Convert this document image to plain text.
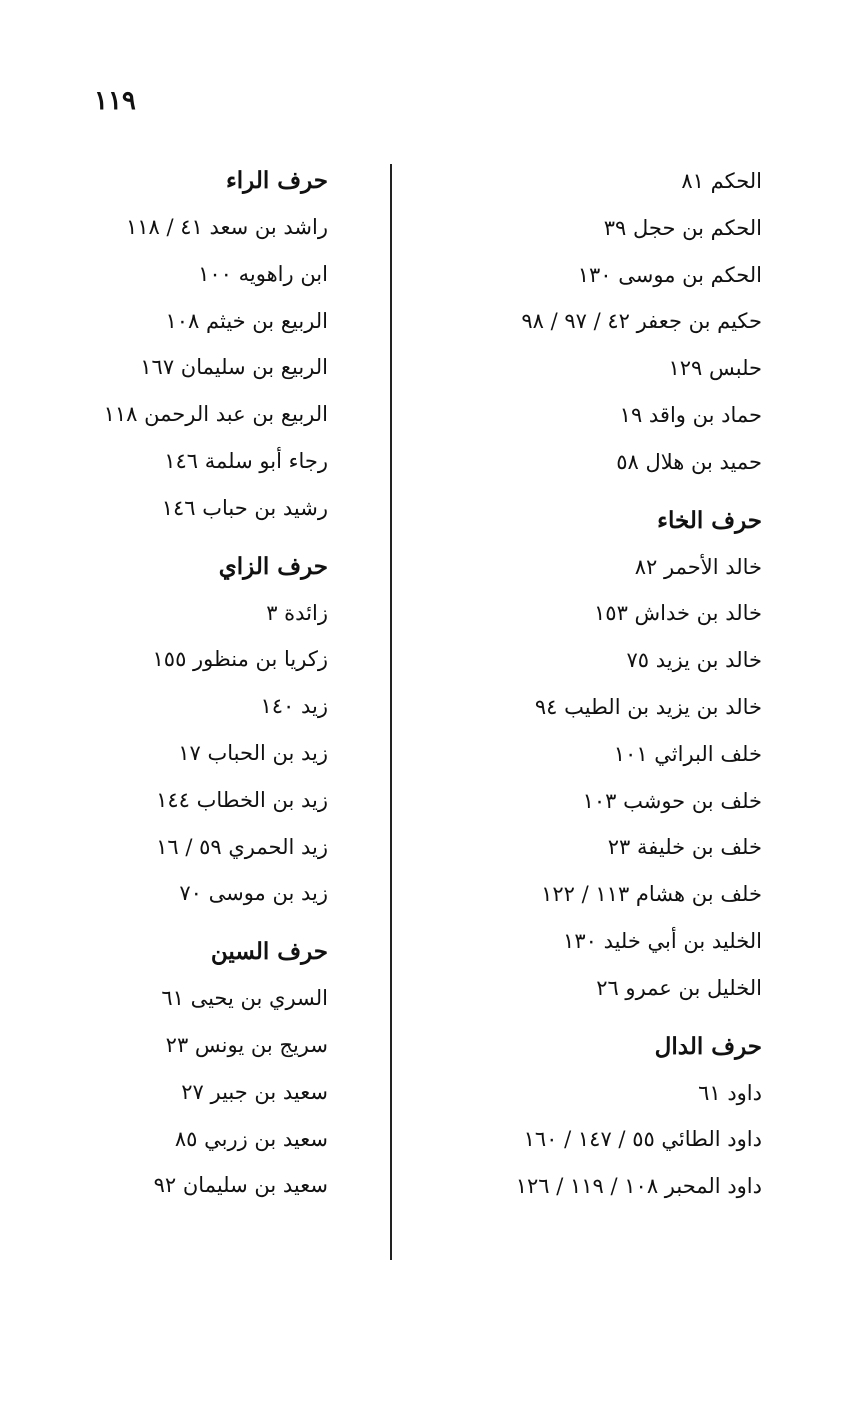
١١٩
الحكم ٨١
الحكم بن حجل ٣٩
الحكم بن موسى ١٣٠
حكيم بن جعفر ٤٢ / ٩٧ / ٩٨
حلبس ١٢٩
حماد بن واقد ١٩
حميد بن هلال ٥٨
حرف الخاء
خالد الأحمر ٨٢
خالد بن خداش ١٥٣
خالد بن يزيد ٧٥
خالد بن يزيد بن الطيب ٩٤
خلف البراثي ١٠١
خلف بن حوشب ١٠٣
خلف بن خليفة ٢٣
خلف بن هشام ١١٣ / ١٢٢
الخليد بن أبي خليد ١٣٠
الخليل بن عمرو ٢٦
حرف الدال
داود ٦١
داود الطائي ٥٥ / ١٤٧ / ١٦٠
داود المحبر ١٠٨ / ١١٩ / ١٢٦
حرف الراء
راشد بن سعد ٤١ / ١١٨
ابن راهويه ١٠٠
الربيع بن خيثم ١٠٨
الربيع بن سليمان ١٦٧
الربيع بن عبد الرحمن ١١٨
رجاء أبو سلمة ١٤٦
رشيد بن حباب ١٤٦
حرف الزاي
زائدة ٣
زكريا بن منظور ١٥٥
زيد ١٤٠
زيد بن الحباب ١٧
زيد بن الخطاب ١٤٤
زيد الحمري ٥٩ / ١٦
زيد بن موسى ٧٠
حرف السين
السري بن يحيى ٦١
سريج بن يونس ٢٣
سعيد بن جبير ٢٧
سعيد بن زربي ٨٥
سعيد بن سليمان ٩٢
